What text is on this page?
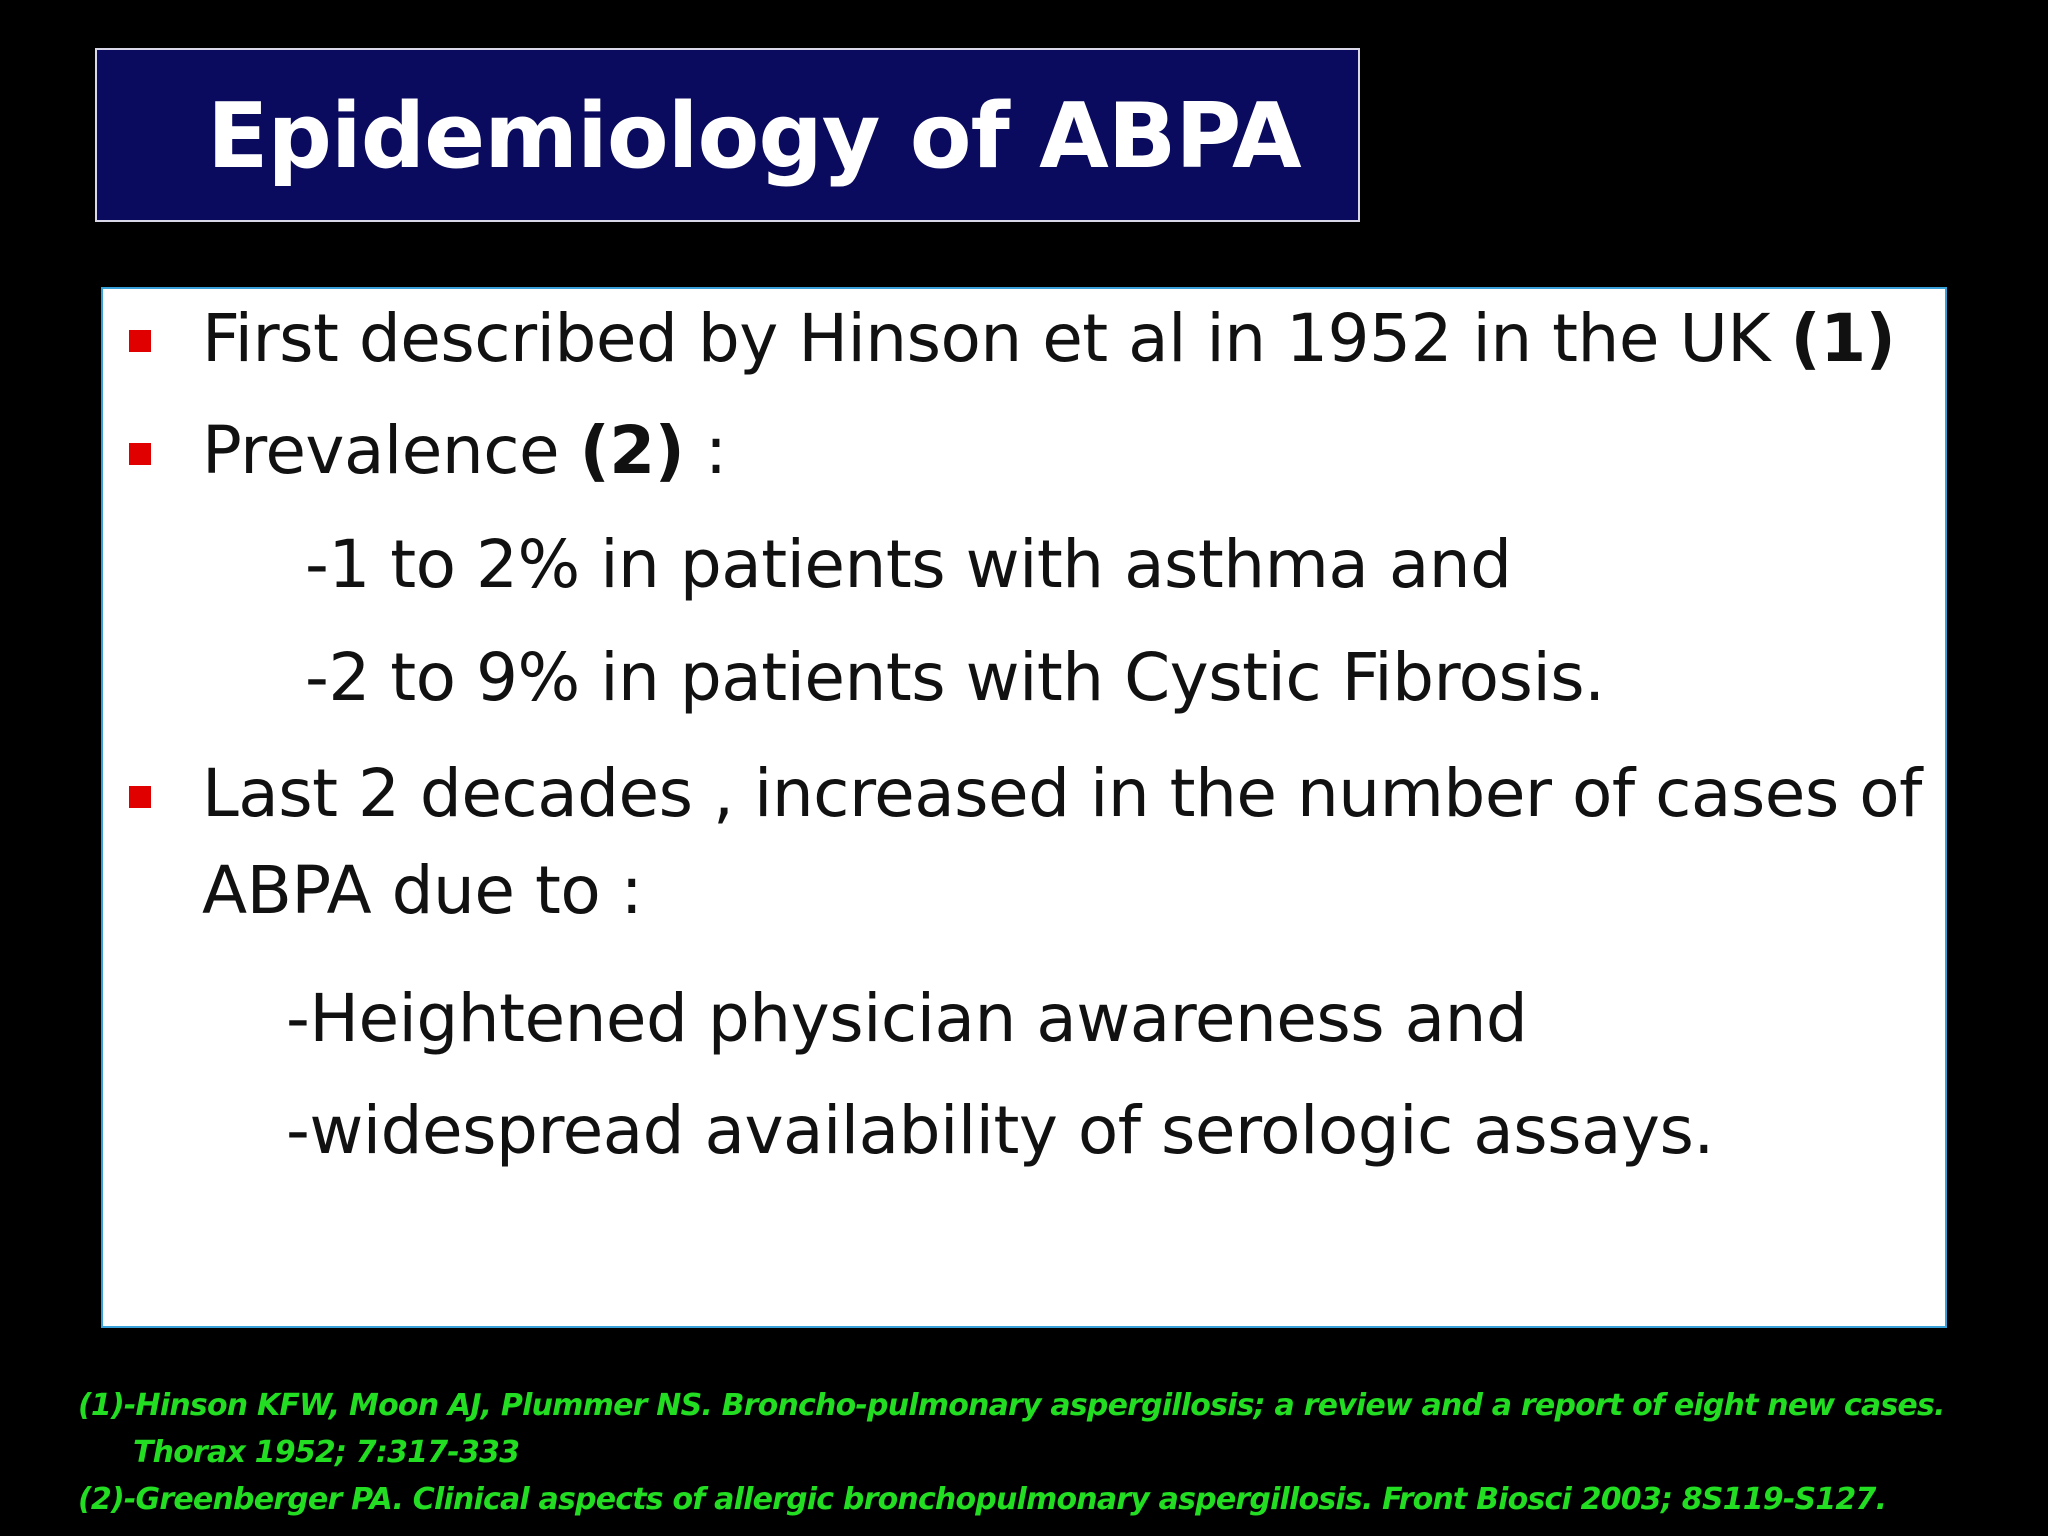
Epidemiology of ABPA
First described by Hinson et al in 1952 in the UK (1)
Prevalence (2) :
-1 to 2% in patients with asthma and
-2 to 9% in patients with Cystic Fibrosis.
Last 2 decades , increased in the number of cases of
ABPA due to :
-Heightened physician awareness and
-widespread availability of serologic assays.
(1)-Hinson KFW, Moon AJ, Plummer NS. Broncho-pulmonary aspergillosis; a review and a report of eight new cases.
Thorax 1952; 7:317-333
(2)-Greenberger PA. Clinical aspects of allergic bronchopulmonary aspergillosis. Front Biosci 2003; 8S119-S127.
